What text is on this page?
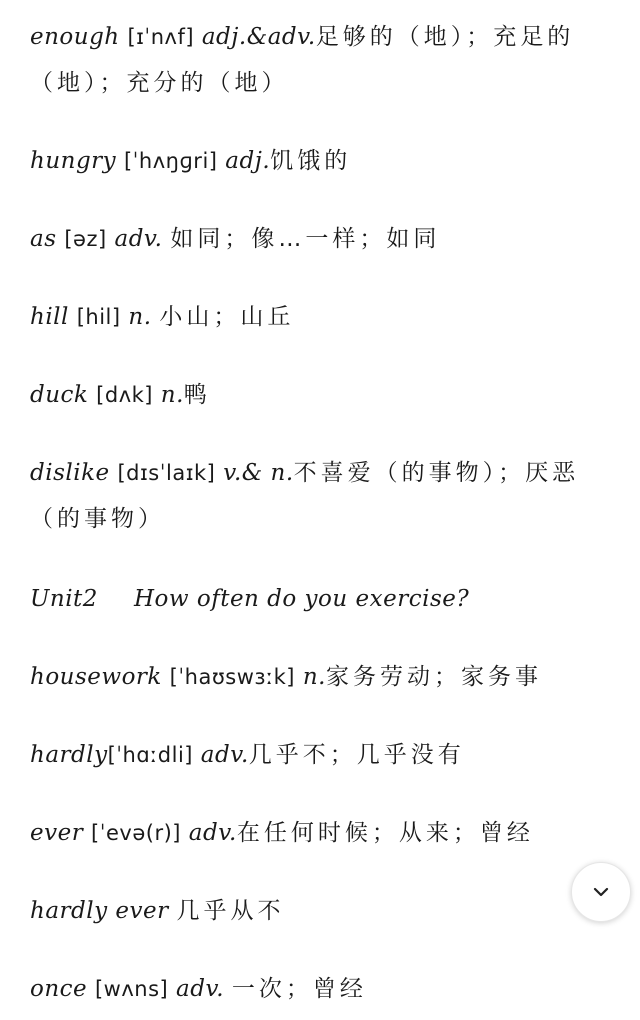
enough [ɪˈnʌf] adj.&adv.足够的（地）；充足的（地）；充分的（地）
hungry [ˈhʌŋɡri] adj.饥饿的
as [əz] adv. 如同；像…一样；如同
hill [hil] n. 小山；山丘
duck [dʌk] n.鸭
dislike [dɪsˈlaɪk] v.& n.不喜爱（的事物）；厌恶（的事物）
Unit2 How often do you exercise?
housework [ˈhaʊswɜːk] n.家务劳动；家务事
hardly[ˈhɑːdli] adv.几乎不；几乎没有
ever [ˈevə(r)] adv.在任何时候；从来；曾经
hardly ever 几乎从不
once [wʌns] adv. 一次；曾经
